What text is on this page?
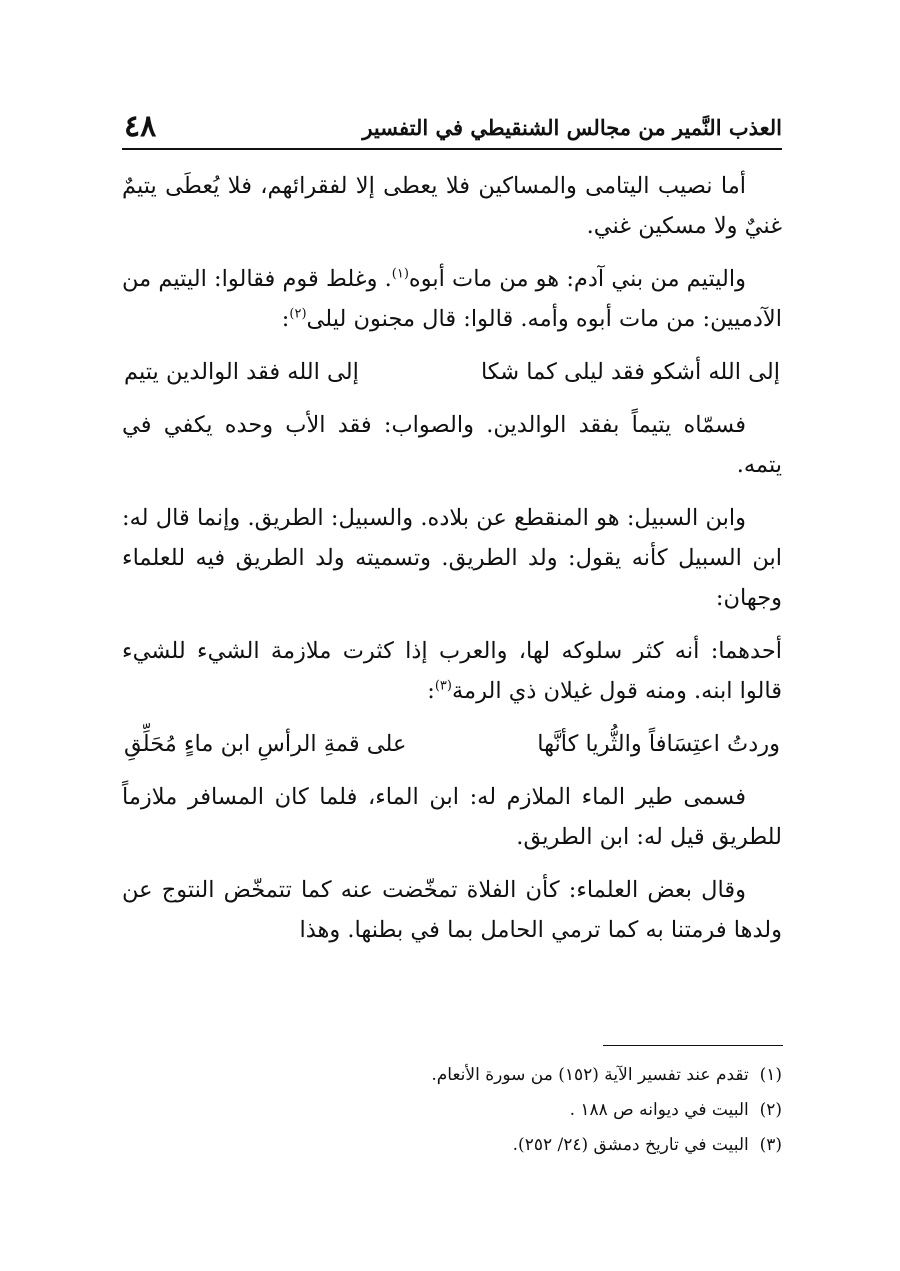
٤٨	العذب النَّمير من مجالس الشنقيطي في التفسير

أما نصيب اليتامى والمساكين فلا يعطى إلا لفقرائهم، فلا يُعطَى يتيمٌ غنيٌ ولا مسكين غني.

واليتيم من بني آدم: هو من مات أبوه$^{(١)}$. وغلط قوم فقالوا: اليتيم من الآدميين: من مات أبوه وأمه. قالوا: قال مجنون ليلى$^{(٢)}$:

إلى الله أشكو فقد ليلى كما شكا
إلى الله فقد الوالدين يتيم

فسمّاه يتيماً بفقد الوالدين. والصواب: فقد الأب وحده يكفي في يتمه.

وابن السبيل: هو المنقطع عن بلاده. والسبيل: الطريق. وإنما قال له: ابن السبيل كأنه يقول: ولد الطريق. وتسميته ولد الطريق فيه للعلماء وجهان:

أحدهما: أنه كثر سلوكه لها، والعرب إذا كثرت ملازمة الشيء للشيء قالوا ابنه. ومنه قول غيلان ذي الرمة$^{(٣)}$:

وردتُ اعتِسَافاً والثُّريا كأنَّها
على قمةِ الرأسِ ابن ماءٍ مُحَلِّقِ

فسمى طير الماء الملازم له: ابن الماء، فلما كان المسافر ملازماً للطريق قيل له: ابن الطريق.

وقال بعض العلماء: كأن الفلاة تمخّضت عنه كما تتمخّض النتوج عن ولدها فرمتنا به كما ترمي الحامل بما في بطنها. وهذا

(١)  تقدم عند تفسير الآية (١٥٢) من سورة الأنعام.
(٢)  البيت في ديوانه ص ١٨٨ .
(٣)  البيت في تاريخ دمشق (٢٤/ ٢٥٢).
